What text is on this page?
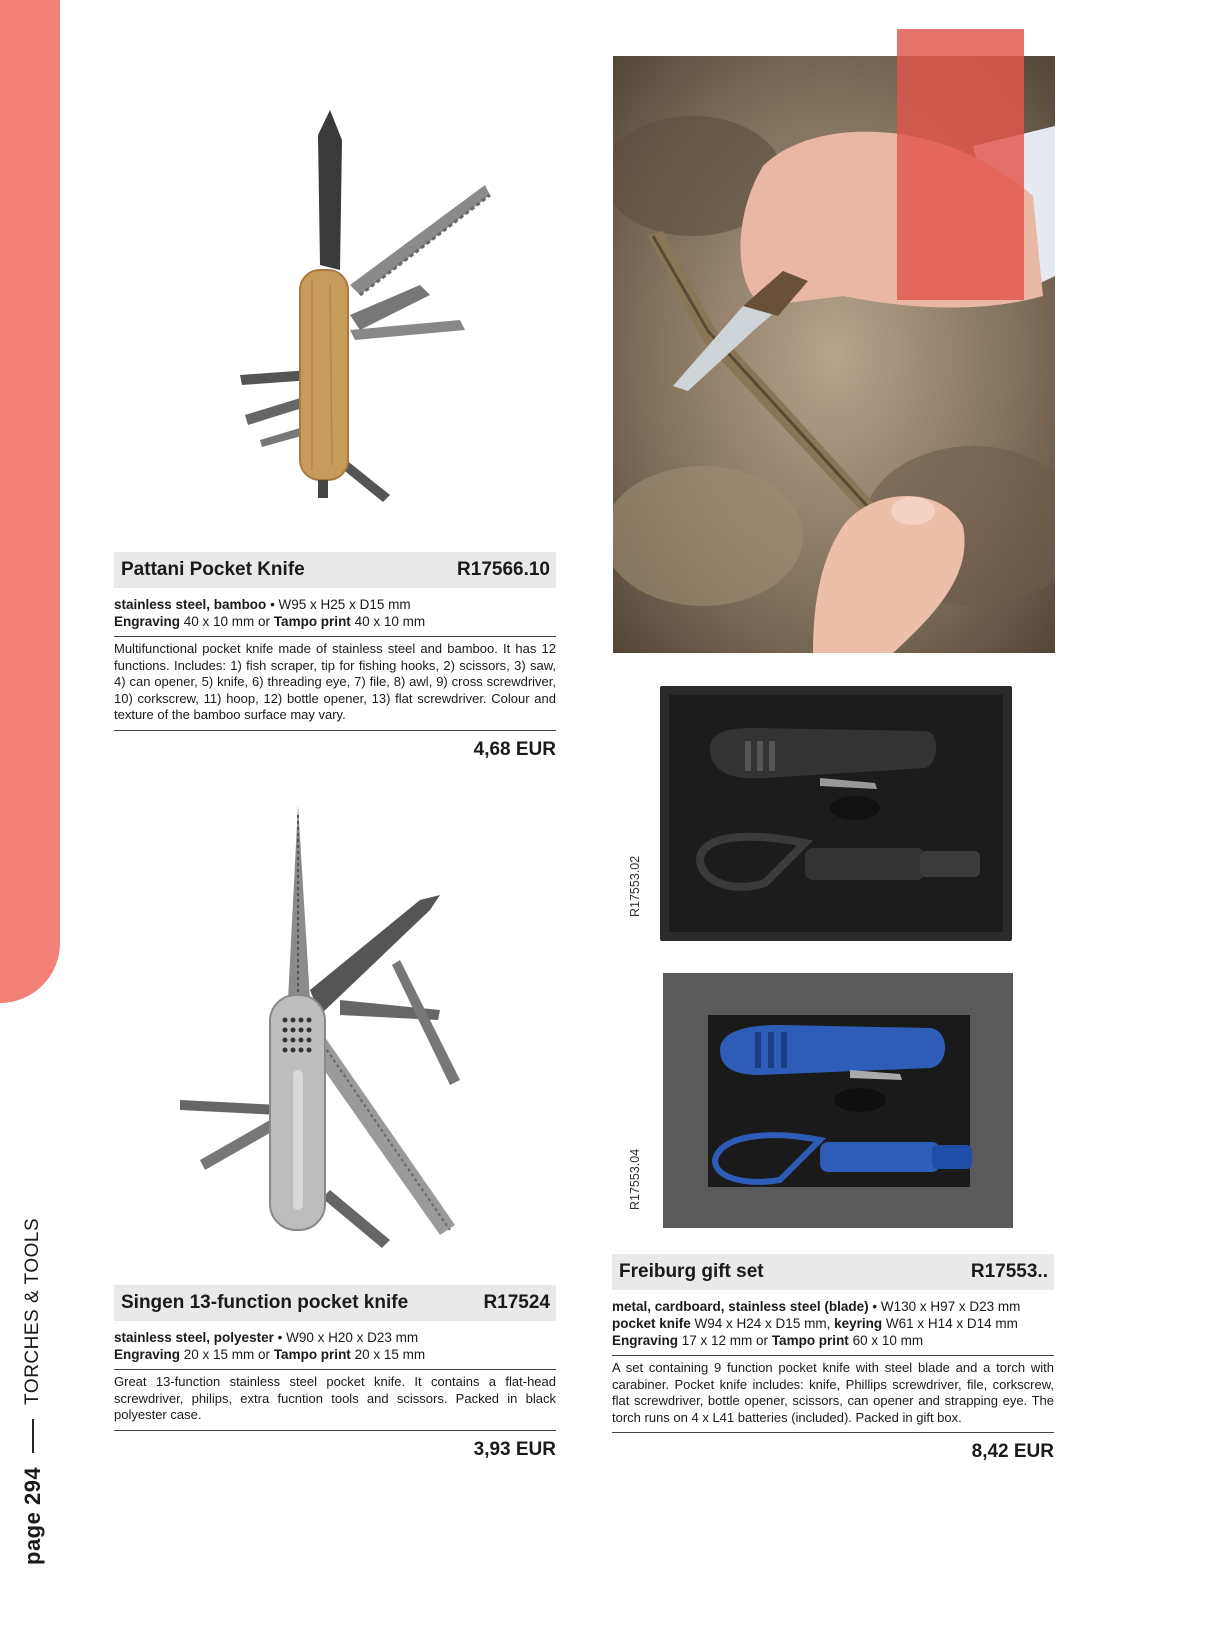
page 294
TORCHES & TOOLS
Pattani Pocket Knife	R17566.10
stainless steel, bamboo • W95 x H25 x D15 mm
Engraving 40 x 10 mm or Tampo print 40 x 10 mm
Multifunctional pocket knife made of stainless steel and bamboo. It has 12 functions. Includes: 1) fish scraper, tip for fishing hooks, 2) scissors, 3) saw, 4) can opener, 5) knife, 6) threading eye, 7) file, 8) awl, 9) cross screwdriver, 10) corkscrew, 11) hoop, 12) bottle opener, 13) flat screwdriver. Colour and texture of the bamboo surface may vary.
4,68 EUR
Singen 13-function pocket knife	R17524
stainless steel, polyester • W90 x H20 x D23 mm
Engraving 20 x 15 mm or Tampo print 20 x 15 mm
Great 13-function stainless steel pocket knife. It contains a flat-head screwdriver, philips, extra fucntion tools and scissors. Packed in black polyester case.
3,93 EUR
R17553.02
R17553.04
Freiburg gift set	R17553..
metal, cardboard, stainless steel (blade) • W130 x H97 x D23 mm
pocket knife W94 x H24 x D15 mm, keyring W61 x H14 x D14 mm
Engraving 17 x 12 mm or Tampo print 60 x 10 mm
A set containing 9 function pocket knife with steel blade and a torch with carabiner. Pocket knife includes: knife, Phillips screwdriver, file, corkscrew, flat screwdriver, bottle opener, scissors, can opener and strapping eye. The torch runs on 4 x L41 batteries (included). Packed in gift box.
8,42 EUR
